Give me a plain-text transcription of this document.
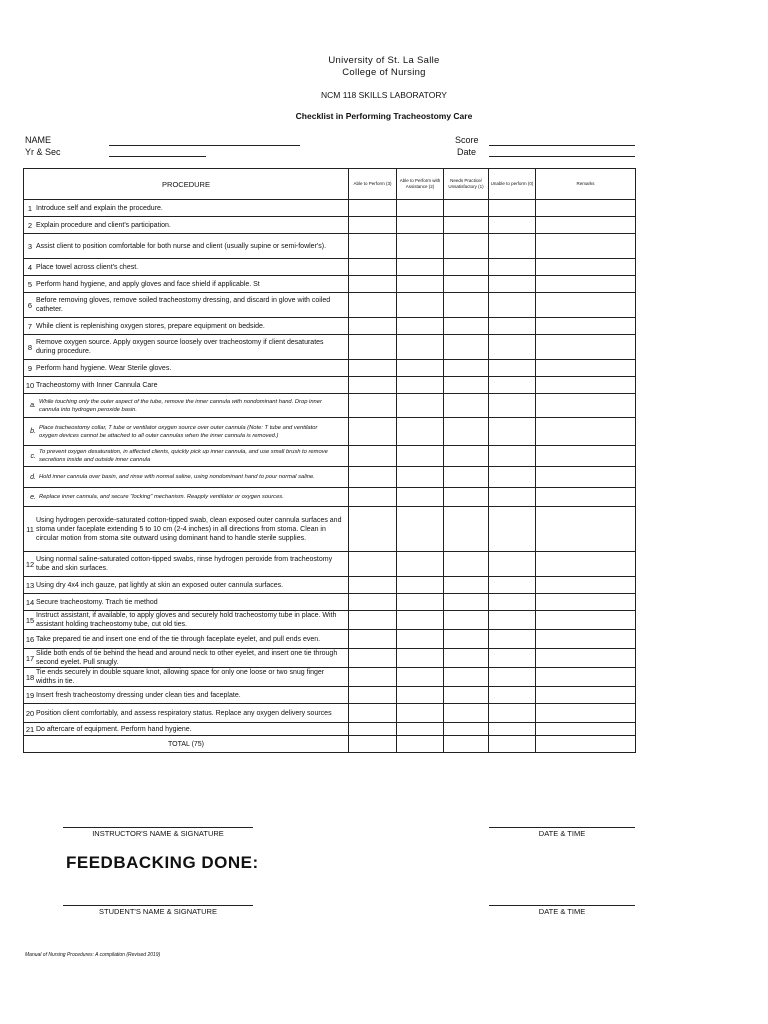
University of St. La Salle
College of Nursing
NCM 118 SKILLS LABORATORY
Checklist in Performing Tracheostomy Care
NAME
Yr & Sec
Score
Date
PROCEDURE	Able to Perform (3)	Able to Perform with Assistance (2)	Needs Practice/ Unsatisfactory (1)	Unable to perform (0)	Remarks
1 Introduce self and explain the procedure.					
2 Explain procedure and client's participation.					
3 Assist client to position comfortable for both nurse and client (usually supine or semi-fowler's).					
4 Place towel across client's chest.					
5 Perform hand hygiene, and apply gloves and face shield if applicable. St					
6 Before removing gloves, remove soiled tracheostomy dressing, and discard in glove with coiled catheter.					
7 While client is replenishing oxygen stores, prepare equipment on bedside.					
8 Remove oxygen source. Apply oxygen source loosely over tracheostomy if client desaturates during procedure.					
9 Perform hand hygiene. Wear Sterile gloves.					
10 Tracheostomy with Inner Cannula Care					
a.While touching only the outer aspect of the tube, remove the inner cannula with nondominant hand. Drop inner cannula into hydrogen peroxide basin.					
b.Place tracheostomy collar, T tube or ventilator oxygen source over outer cannula (Note: T tube and ventilator oxygen devices cannot be attached to all outer cannulas when the inner cannula is removed.)					
c.To prevent oxygen desaturation, in affected clients, quickly pick up inner cannula, and use small brush to remove secretions inside and outside inner cannula					
d. Hold inner cannula over basin, and rinse with normal saline, using nondominant hand to pour normal saline.					
e. Replace inner cannula, and secure "locking" mechanism. Reapply ventilator or oxygen sources.					
11Using hydrogen peroxide-saturated cotton-tipped swab, clean exposed outer cannula surfaces and stoma under faceplate extending 5 to 10 cm (2-4 inches) in all directions from stoma. Clean in circular motion from stoma site outward using dominant hand to handle sterile supplies.					
12 Using normal saline-saturated cotton-tipped swabs, rinse hydrogen peroxide from tracheostomy tube and skin surfaces.					
13 Using dry 4x4 inch gauze, pat lightly at skin an exposed outer cannula surfaces.					
14 Secure tracheostomy. Trach tie method					
15 Instruct assistant, if available, to apply gloves and securely hold tracheostomy tube in place. With assistant holding tracheostomy tube, cut old ties.					
16 Take prepared tie and insert one end of the tie through faceplate eyelet, and pull ends even.					
17 Slide both ends of tie behind the head and around neck to other eyelet, and insert one tie through second eyelet. Pull snugly.					
18 Tie ends securely in double square knot, allowing space for only one loose or two snug finger widths in tie.					
19 Insert fresh tracheostomy dressing under clean ties and faceplate.					
20 Position client comfortably, and assess respiratory status. Replace any oxygen delivery sources					
21 Do aftercare of equipment. Perform hand hygiene.					
TOTAL (75)					
INSTRUCTOR'S NAME & SIGNATURE	DATE & TIME
FEEDBACKING DONE:
STUDENT'S NAME & SIGNATURE	DATE & TIME
Manual of Nursing Procedures: A compilation (Revised 2019)
